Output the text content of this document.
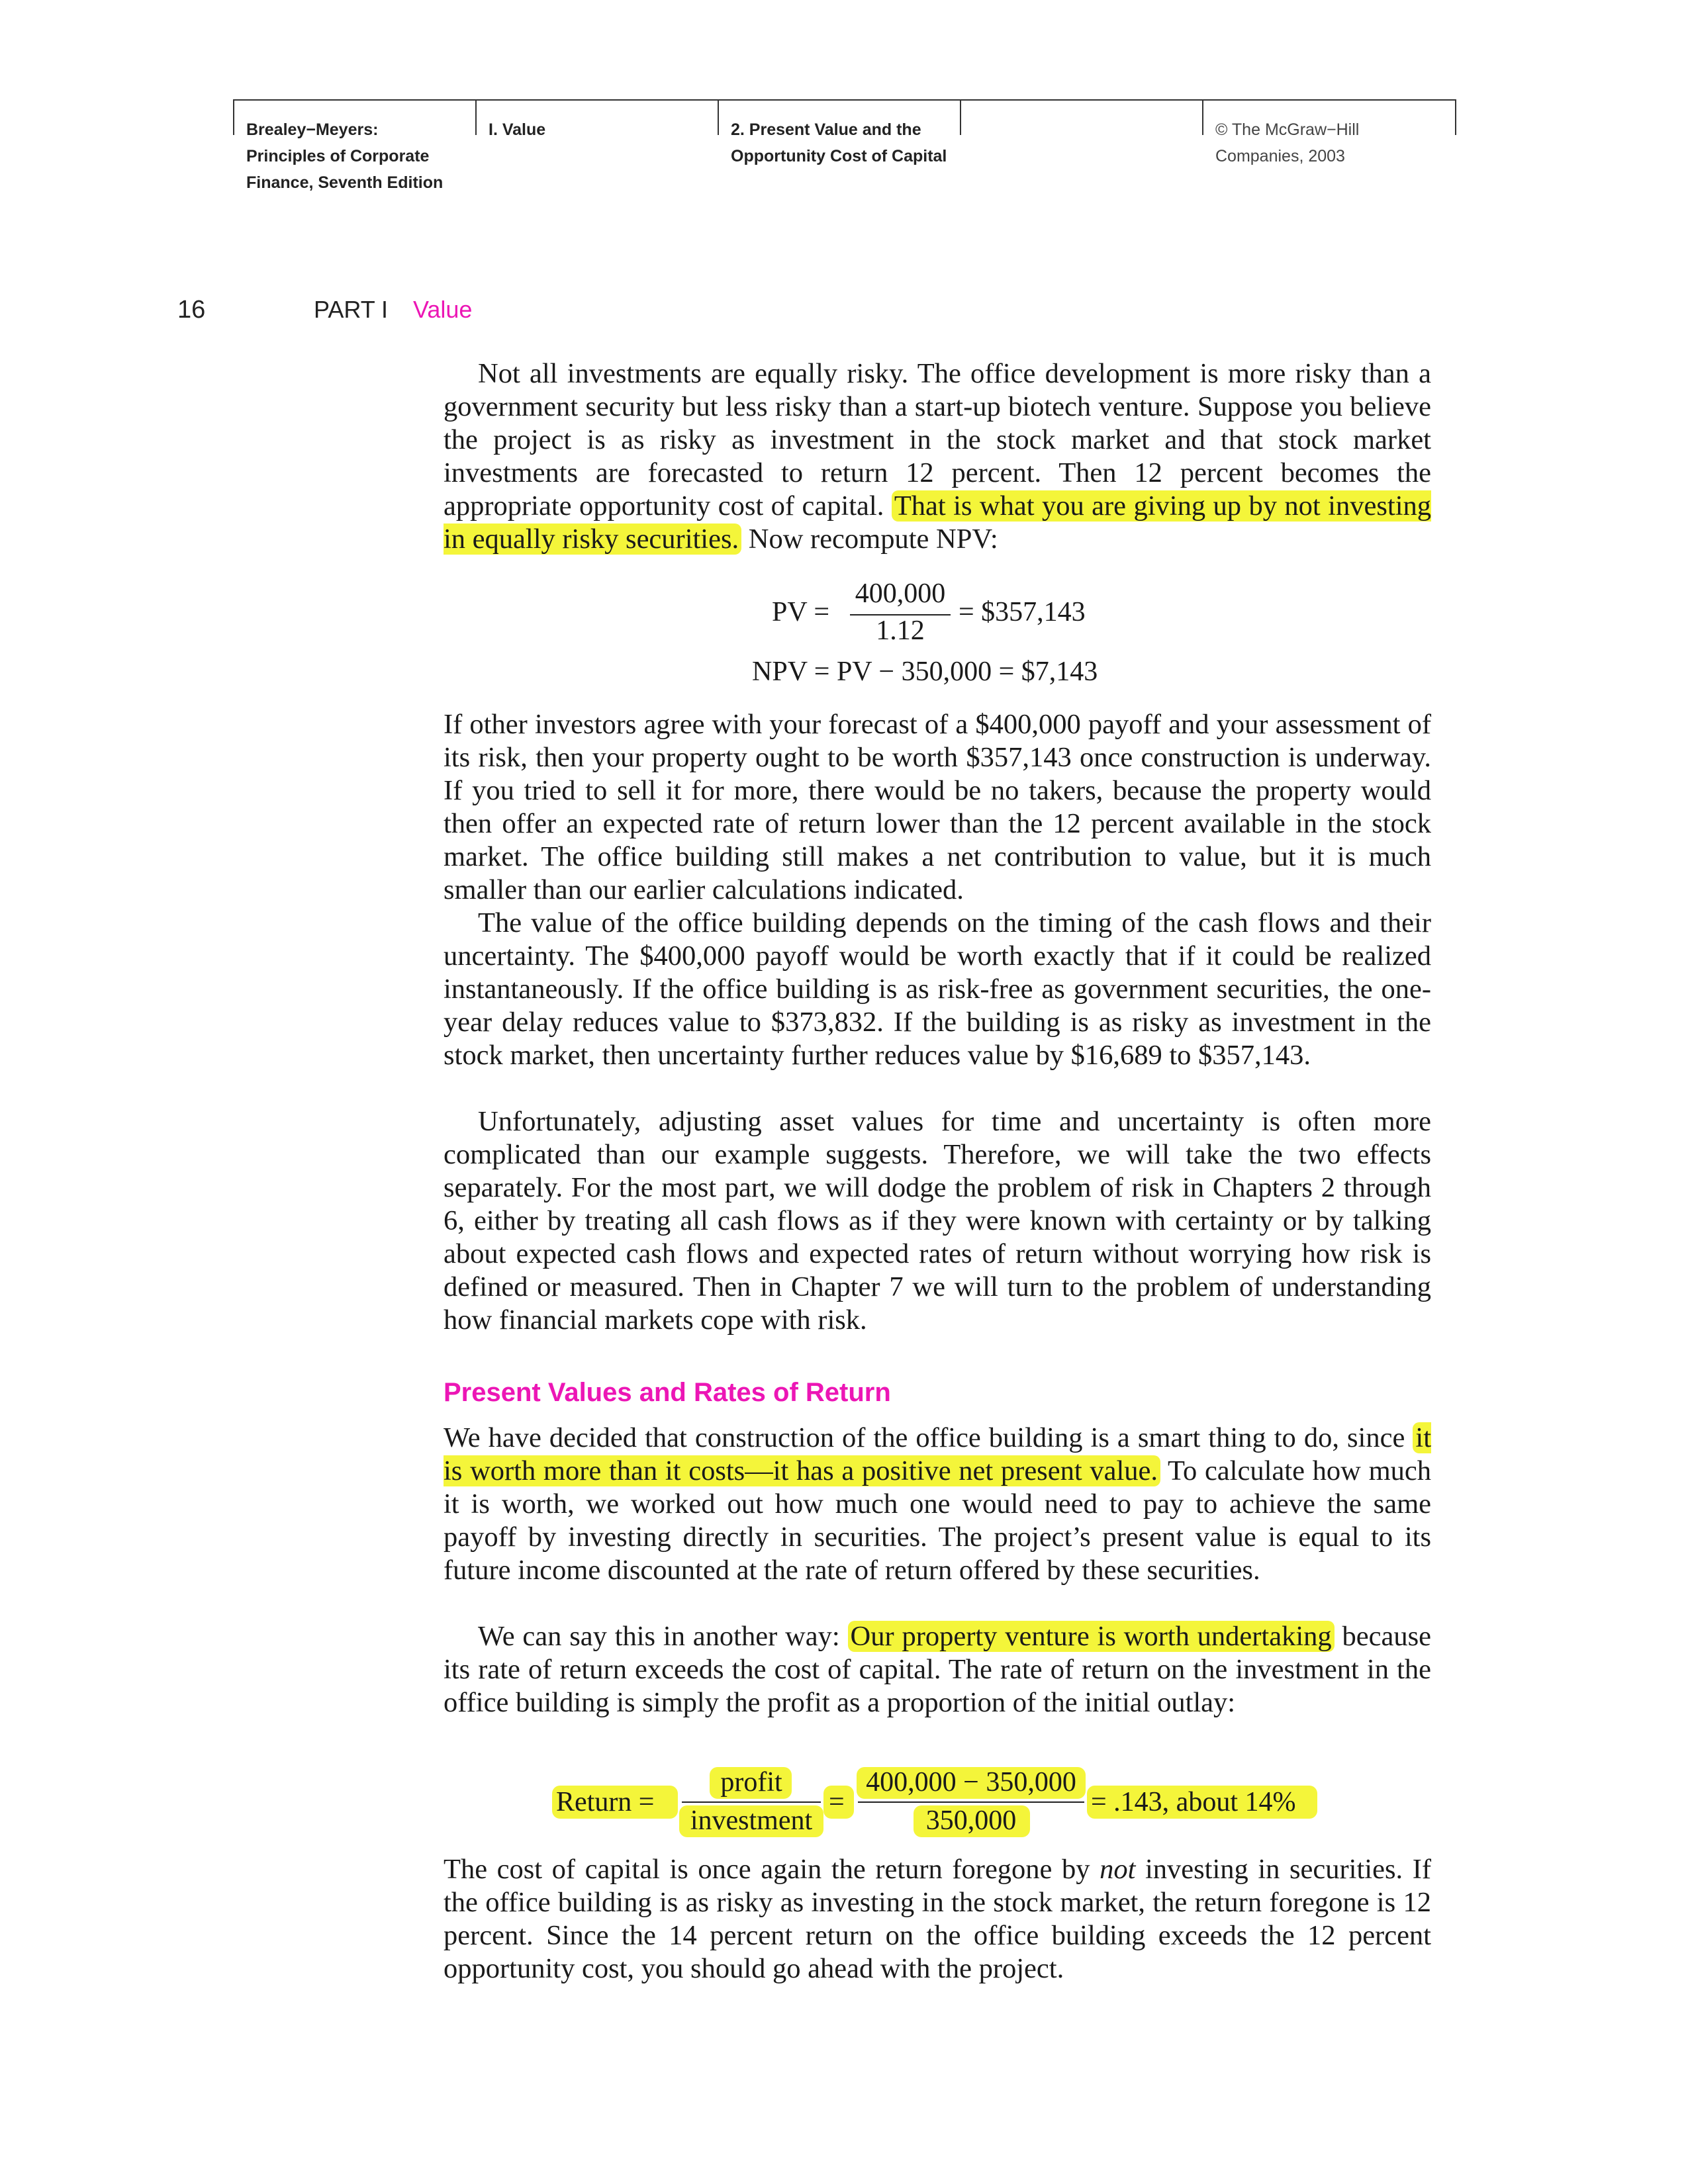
Brealey−Meyers:
Principles of Corporate
Finance, Seventh Edition
I. Value	2. Present Value and the
Opportunity Cost of Capital
© The McGraw−Hill
Companies, 2003
16	PART I Value

Not all investments are equally risky. The office development is more risky than a government security but less risky than a start-up biotech venture. Suppose you believe the project is as risky as investment in the stock market and that stock market investments are forecasted to return 12 percent. Then 12 percent becomes the appropriate opportunity cost of capital. That is what you are giving up by not investing in equally risky securities. Now recompute NPV:

PV =
400,000
1.12
= $357,143
NPV = PV − 350,000 = $7,143

If other investors agree with your forecast of a $400,000 payoff and your assessment of its risk, then your property ought to be worth $357,143 once construction is underway. If you tried to sell it for more, there would be no takers, because the property would then offer an expected rate of return lower than the 12 percent available in the stock market. The office building still makes a net contribution to value, but it is much smaller than our earlier calculations indicated.

The value of the office building depends on the timing of the cash flows and their uncertainty. The $400,000 payoff would be worth exactly that if it could be realized instantaneously. If the office building is as risk-free as government securities, the one-year delay reduces value to $373,832. If the building is as risky as investment in the stock market, then uncertainty further reduces value by $16,689 to $357,143.

Unfortunately, adjusting asset values for time and uncertainty is often more complicated than our example suggests. Therefore, we will take the two effects separately. For the most part, we will dodge the problem of risk in Chapters 2 through 6, either by treating all cash flows as if they were known with certainty or by talking about expected cash flows and expected rates of return without worrying how risk is defined or measured. Then in Chapter 7 we will turn to the problem of understanding how financial markets cope with risk.

Present Values and Rates of Return

We have decided that construction of the office building is a smart thing to do, since it is worth more than it costs—it has a positive net present value. To calculate how much it is worth, we worked out how much one would need to pay to achieve the same payoff by investing directly in securities. The project’s present value is equal to its future income discounted at the rate of return offered by these securities.

We can say this in another way: Our property venture is worth undertaking because its rate of return exceeds the cost of capital. The rate of return on the investment in the office building is simply the profit as a proportion of the initial outlay:

Return =
profit
investment
=
400,000 − 350,000
350,000
= .143, about 14%

The cost of capital is once again the return foregone by not investing in securities. If the office building is as risky as investing in the stock market, the return foregone is 12 percent. Since the 14 percent return on the office building exceeds the 12 percent opportunity cost, you should go ahead with the project.
